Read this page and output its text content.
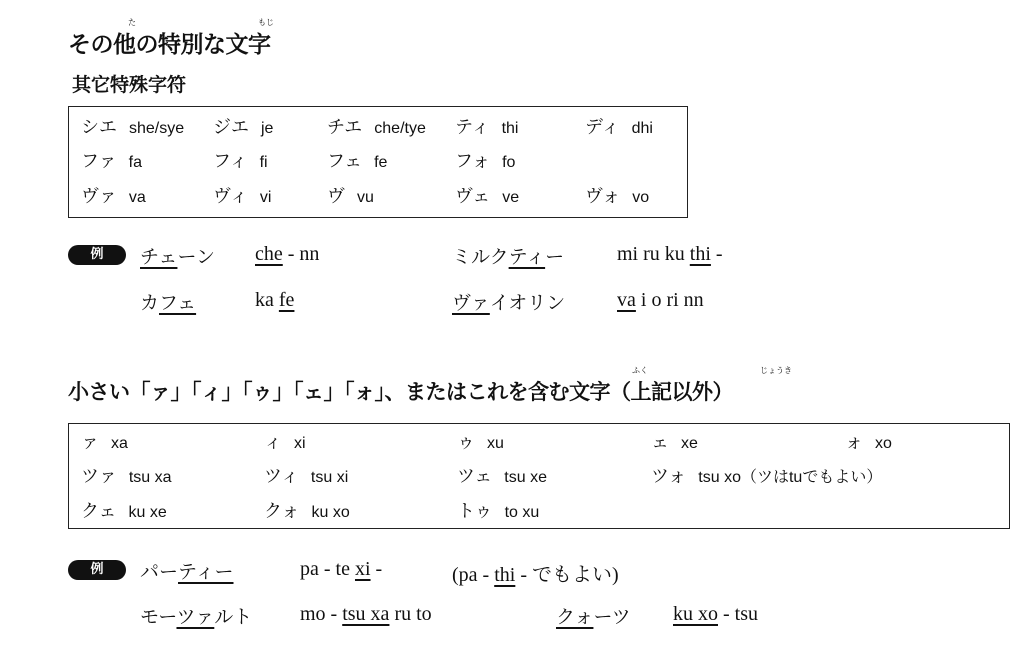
その他の特別な文字
た	もじ
其它特殊字符
シエ she/sye ジエ je	チエ che/tye ティ thi	ディ dhi
ファ fa	フィ fi	フェ fe	フォ fo
ヴァ va	ヴィ vi	ヴ vu	ヴェ ve	ヴォ vo
例	チェーン che - nn	ミルクティー	mi ru ku thi -
カフェ	ka fe	ヴァイオリン	va i o ri nn
小さい「ァ」「ィ」「ゥ」「ェ」「ォ」、またはこれを含む文字（上記以外）
ふく	じょうき
ァ xa	ィ xi	ゥ xu	ェ xe	ォ xo
ツァ tsu xa	ツィ tsu xi	ツェ tsu xe	ツォ tsu xo（ツはtuでもよい）
クェ ku xe	クォ ku xo	トゥ to xu
例	パーティー	pa - te xi -	(pa - thi - でもよい)
モーツァルト mo - tsu xa ru to	クォーツ ku xo - tsu
